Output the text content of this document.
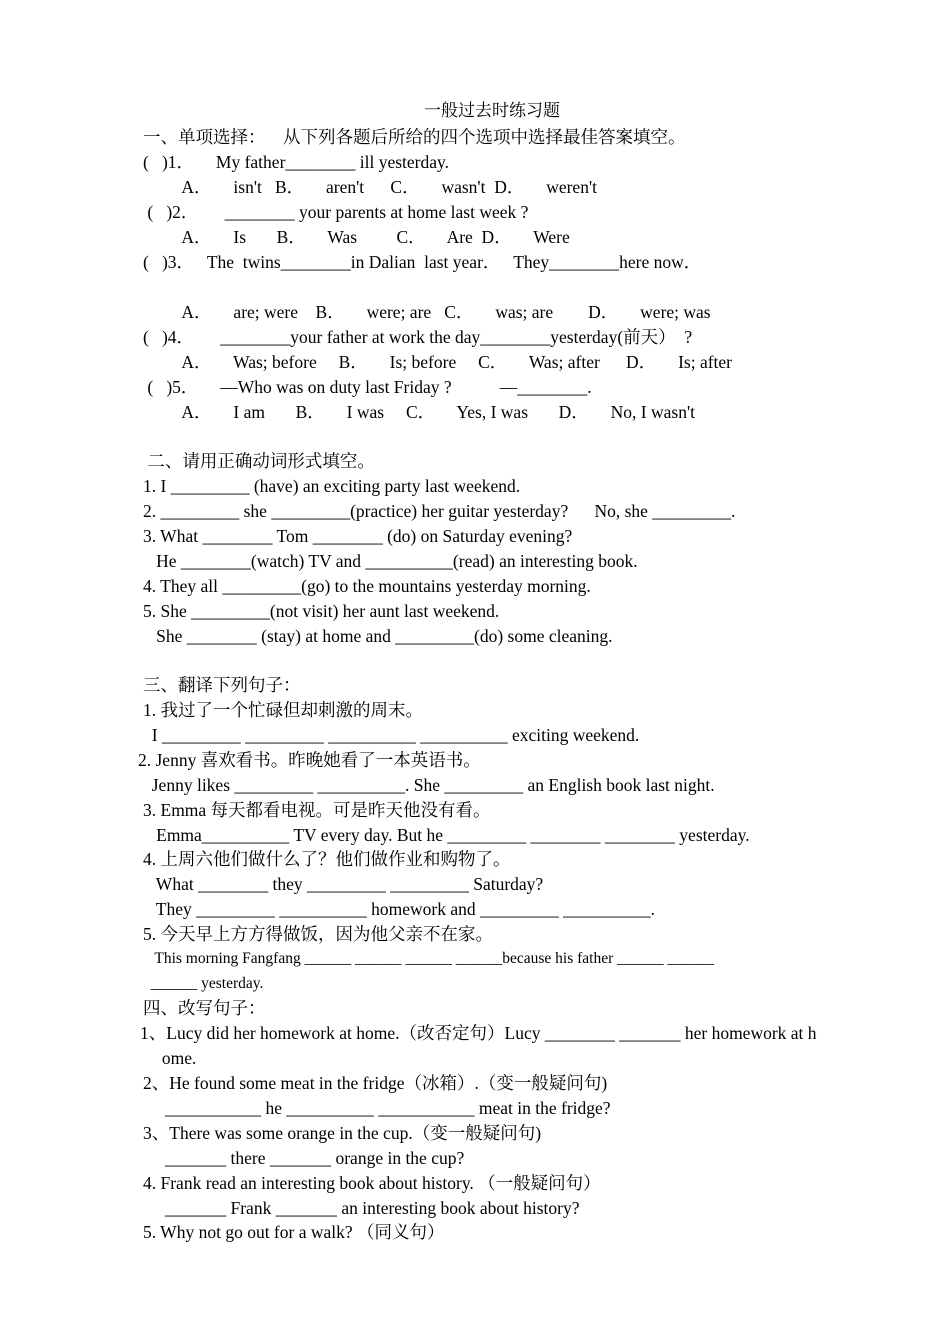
一般过去时练习题
一、单项选择：    从下列各题后所给的四个选项中选择最佳答案填空。
(   )1．     My father________ ill yesterday.
A．     isn't   B．     aren't      C．     wasn't  D．     weren't
(   )2．      ________ your parents at home last week ?
A．     Is       B．     Was         C．     Are  D．     Were
(   )3．   The  twins________in Dalian  last year．   They________here now．
A．     are; were    B．     were; are   C．     was; are        D．     were; was
(   )4．      ________your father at work the day________yesterday(前天）  ?
A．     Was; before     B．     Is; before     C．     Was; after      D．     Is; after
(   )5．     —Who was on duty last Friday ?           —________.
A．     I am       B．     I was     C．     Yes, I was       D．     No, I wasn't
二、请用正确动词形式填空。
1. I _________ (have) an exciting party last weekend.
2. _________ she _________(practice) her guitar yesterday?      No, she _________.
3. What ________ Tom ________ (do) on Saturday evening?
He ________(watch) TV and __________(read) an interesting book.
4. They all _________(go) to the mountains yesterday morning.
5. She _________(not visit) her aunt last weekend.
She ________ (stay) at home and _________(do) some cleaning.
三、翻译下列句子：
1. 我过了一个忙碌但却刺激的周末。
I _________ _________ __________ __________ exciting weekend.
2. Jenny 喜欢看书。昨晚她看了一本英语书。
Jenny likes _________ __________. She _________ an English book last night.
3. Emma 每天都看电视。可是昨天他没有看。
Emma__________ TV every day. But he _________ ________ ________ yesterday.
4. 上周六他们做什么了？他们做作业和购物了。
What ________ they _________ _________ Saturday?
They _________ __________ homework and _________ __________.
5. 今天早上方方得做饭，因为他父亲不在家。
This morning Fangfang ______ ______ ______ ______because his father ______ ______
______ yesterday.
四、改写句子：
1、Lucy did her homework at home.（改否定句）Lucy ________ _______ her homework at h
ome.
2、He found some meat in the fridge（冰箱）.（变一般疑问句)
___________ he __________ ___________ meat in the fridge?
3、There was some orange in the cup.（变一般疑问句)
_______ there _______ orange in the cup?
4. Frank read an interesting book about history. （一般疑问句）
_______ Frank _______ an interesting book about history?
5. Why not go out for a walk? （同义句）
